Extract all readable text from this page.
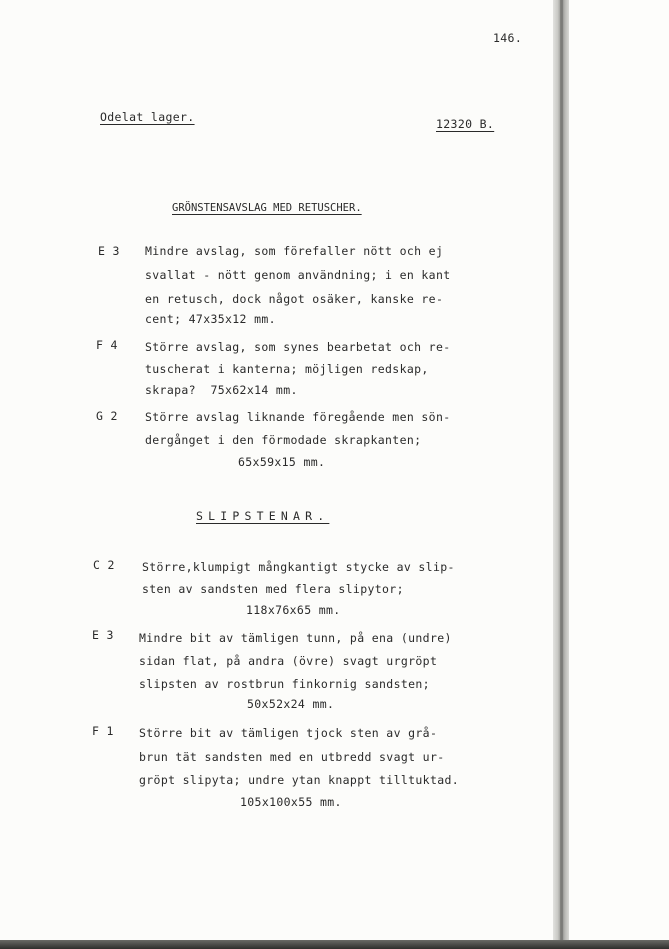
146.
Odelat lager.	12320 B.
GRÖNSTENSAVSLAG MED RETUSCHER.
E 3 Mindre avslag, som förefaller nött och ej
svallat - nött genom användning; i en kant
en retusch, dock något osäker, kanske re-
cent; 47x35x12 mm.
F 4 Större avslag, som synes bearbetat och re-
tuscherat i kanterna; möjligen redskap,
skrapa?  75x62x14 mm.
G 2 Större avslag liknande föregående men sön-
dergånget i den förmodade skrapkanten;
65x59x15 mm.
SLIPSTENAR.
C 2 Större,klumpigt mångkantigt stycke av slip-
sten av sandsten med flera slipytor;
118x76x65 mm.
E 3 Mindre bit av tämligen tunn, på ena (undre)
sidan flat, på andra (övre) svagt urgröpt
slipsten av rostbrun finkornig sandsten;
50x52x24 mm.
F 1 Större bit av tämligen tjock sten av grå-
brun tät sandsten med en utbredd svagt ur-
gröpt slipyta; undre ytan knappt tilltuktad.
105x100x55 mm.
